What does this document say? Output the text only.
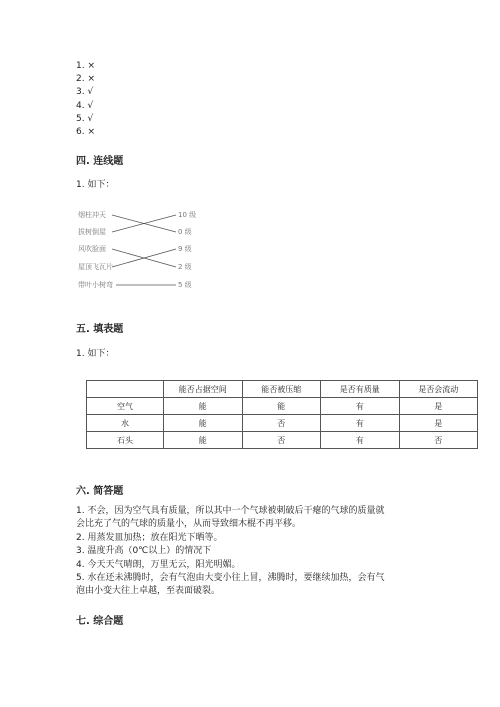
1. ×
2. ×
3. √
4. √
5. √
6. ×
四. 连线题
1. 如下：
烟柱冲天
拔树倒屋
风吹脸面
屋顶飞瓦片
带叶小树弯
10 级
0 级
9 级
2 级
5 级
五. 填表题
1. 如下：
	能否占据空间	能否被压缩	是否有质量	是否会流动
空气	能	能	有	是
水	能	否	有	是
石头	能	否	有	否
六. 简答题
1. 不会，因为空气具有质量，所以其中一个气球被刺破后干瘪的气球的质量就
会比充了气的气球的质量小，从而导致细木棍不再平移。
2. 用蒸发皿加热；放在阳光下晒等。
3. 温度升高（0℃以上）的情况下
4. 今天天气晴朗，万里无云，阳光明媚。
5. 水在还未沸腾时，会有气泡由大变小往上冒，沸腾时，要继续加热，会有气
泡由小变大往上卓越，至表面破裂。
七. 综合题
